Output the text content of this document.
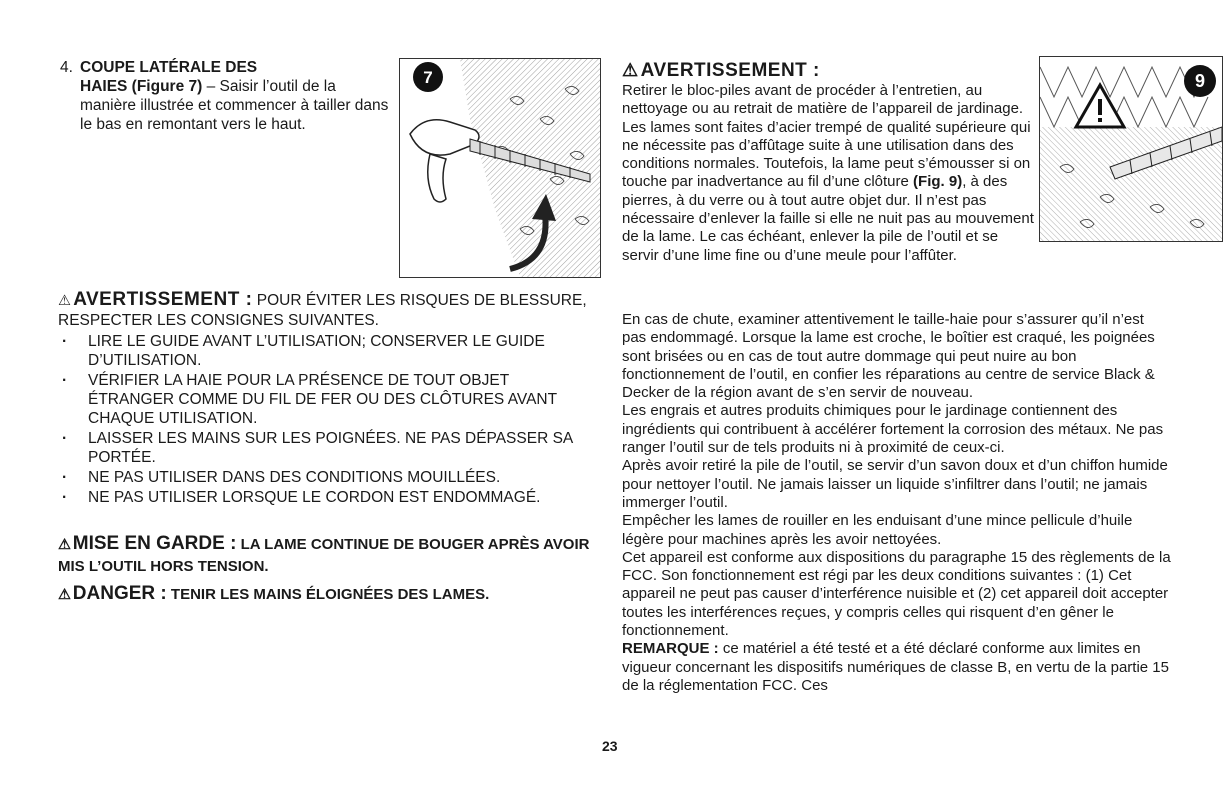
4. COUPE LATÉRALE DES
HAIES (Figure 7) – Saisir l’outil de la manière illustrée et commencer à tailler dans le bas en remontant vers le haut.
7
⚠ AVERTISSEMENT : POUR ÉVITER LES RISQUES DE BLESSURE, RESPECTER LES CONSIGNES SUIVANTES.
· LIRE LE GUIDE AVANT L’UTILISATION; CONSERVER LE GUIDE D’UTILISATION.
· VÉRIFIER LA HAIE POUR LA PRÉSENCE DE TOUT OBJET ÉTRANGER COMME DU FIL DE FER OU DES CLÔTURES AVANT CHAQUE UTILISATION.
· LAISSER LES MAINS SUR LES POIGNÉES. NE PAS DÉPASSER SA PORTÉE.
· NE PAS UTILISER DANS DES CONDITIONS MOUILLÉES.
· NE PAS UTILISER LORSQUE LE CORDON EST ENDOMMAGÉ.
⚠ MISE EN GARDE : LA LAME CONTINUE DE BOUGER APRÈS AVOIR MIS L’OUTIL HORS TENSION.
⚠ DANGER : TENIR LES MAINS ÉLOIGNÉES DES LAMES.
⚠ AVERTISSEMENT :

Retirer le bloc-piles avant de procéder à l’entretien, au nettoyage ou au retrait de matière de l’appareil de jardinage.

Les lames sont faites d’acier trempé de qualité supérieure qui ne nécessite pas d’affûtage suite à une utilisation dans des conditions normales. Toutefois, la lame peut s’émousser si on touche par inadvertance au fil d’une clôture (Fig. 9), à des pierres, à du verre ou à tout autre objet dur. Il n’est pas nécessaire d’enlever la faille si elle ne nuit pas au mouvement de la lame. Le cas échéant, enlever la pile de l’outil et se servir d’une lime fine ou d’une meule pour l’affûter.

9

En cas de chute, examiner attentivement le taille-haie pour s’assurer qu’il n’est pas endommagé. Lorsque la lame est croche, le boîtier est craqué, les poignées sont brisées ou en cas de tout autre dommage qui peut nuire au bon fonctionnement de l’outil, en confier les réparations au centre de service Black & Decker de la région avant de s’en servir de nouveau.

Les engrais et autres produits chimiques pour le jardinage contiennent des ingrédients qui contribuent à accélérer fortement la corrosion des métaux. Ne pas ranger l’outil sur de tels produits ni à proximité de ceux-ci.

Après avoir retiré la pile de l’outil, se servir d’un savon doux et d’un chiffon humide pour nettoyer l’outil. Ne jamais laisser un liquide s’infiltrer dans l’outil; ne jamais immerger l’outil.

Empêcher les lames de rouiller en les enduisant d’une mince pellicule d’huile légère pour machines après les avoir nettoyées.

Cet appareil est conforme aux dispositions du paragraphe 15 des règlements de la FCC. Son fonctionnement est régi par les deux conditions suivantes : (1) Cet appareil ne peut pas causer d’interférence nuisible et (2) cet appareil doit accepter toutes les interférences reçues, y compris celles qui risquent d’en gêner le fonctionnement.

REMARQUE : ce matériel a été testé et a été déclaré conforme aux limites en vigueur concernant les dispositifs numériques de classe B, en vertu de la partie 15 de la réglementation FCC. Ces

23
